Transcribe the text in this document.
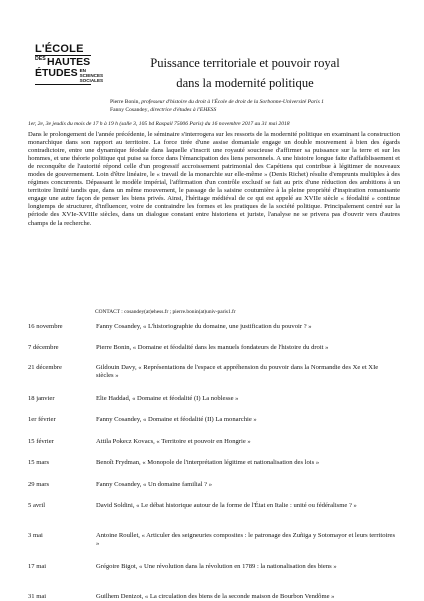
L'ÉCOLE
DES HAUTES
ÉTUDES EN SCIENCES SOCIALES
Puissance territoriale et pouvoir royal
dans la modernité politique
Pierre Bonin, professeur d'histoire du droit à l'École de droit de la Sorbonne-Université Paris 1
Fanny Cosandey, directrice d'études à l'EHESS
1er, 2e, 3e jeudis du mois de 17 h à 19 h (salle 3, 105 bd Raspail 75006 Paris) du 16 novembre 2017 au 31 mai 2018
Dans le prolongement de l'année précédente, le séminaire s'interrogera sur les ressorts de la modernité politique en examinant la construction monarchique dans son rapport au territoire. La force tirée d'une assise domaniale engage un double mouvement à bien des égards contradictoire, entre une dynamique féodale dans laquelle s'inscrit une royauté soucieuse d'affirmer sa puissance sur la terre et sur les hommes, et une théorie politique qui puise sa force dans l'émancipation des liens personnels. A une histoire longue faite d'affaiblissement et de reconquête de l'autorité répond celle d'un progressif accroissement patrimonial des Capétiens qui contribue à légitimer de nouveaux modes de gouvernement. Loin d'être linéaire, le « travail de la monarchie sur elle-même » (Denis Richet) résulte d'emprunts multiples à des régimes concurrents. Dépassant le modèle impérial, l'affirmation d'un contrôle exclusif se fait au prix d'une réduction des ambitions à un territoire limité tandis que, dans un même mouvement, le passage de la saisine coutumière à la pleine propriété d'inspiration romanisante engage une autre façon de penser les biens privés. Ainsi, l'héritage médiéval de ce qui est appelé au XVIIe siècle « féodalité » continue longtemps de structurer, d'influencer, voire de contraindre les formes et les pratiques de la société politique. Principalement centré sur la période des XVIe-XVIIIe siècles, dans un dialogue constant entre historiens et juriste, l'analyse ne se privera pas d'ouvrir vers d'autres champs de la recherche.
CONTACT : cosandey(at)ehess.fr ; pierre.bonin(at)univ-paris1.fr
16 novembre	Fanny Cosandey, « L'historiographie du domaine, une justification du pouvoir ? »
7 décembre	Pierre Bonin, « Domaine et féodalité dans les manuels fondateurs de l'histoire du droit »
21 décembre	Gildouin Davy, « Représentations de l'espace et appréhension du pouvoir dans la Normandie des Xe et XIe siècles »
18 janvier	Elie Haddad, « Domaine et féodalité (I) La noblesse »
1er février	Fanny Cosandey, « Domaine et féodalité (II) La monarchie »
15 février	Attila Pokecz Kovacs, « Territoire et pouvoir en Hongrie »
15 mars	Benoît Frydman, « Monopole de l'interprétation légitime et nationalisation des lois »
29 mars	Fanny Cosandey, « Un domaine familial ? »
5 avril	David Soldini, « Le débat historique autour de la forme de l'État en Italie : unité ou fédéralisme ? »
3 mai	Antoine Roullet, « Articuler des seigneuries composites : le patronage des Zuñiga y Sotomayor et leurs territoires »
17 mai	Grégoire Bigot, « Une révolution dans la révolution en 1789 : la nationalisation des biens »
31 mai	Guilhem Denizot, « La circulation des biens de la seconde maison de Bourbon Vendôme »
